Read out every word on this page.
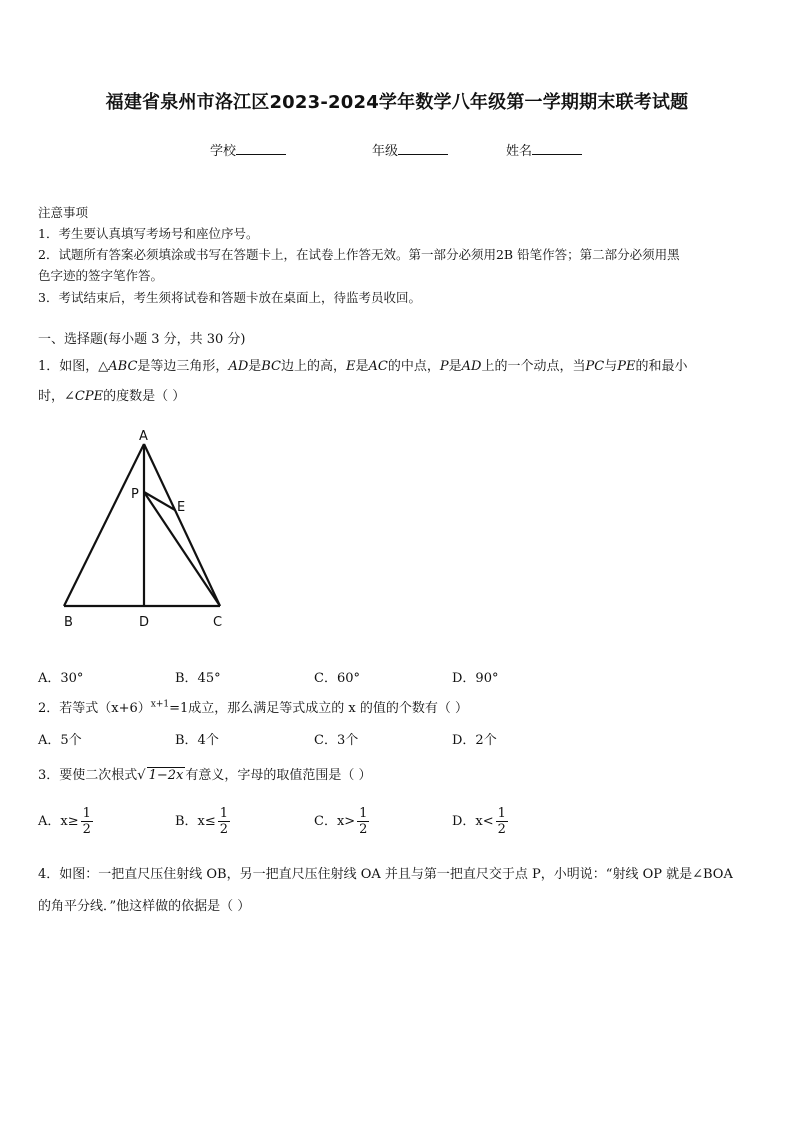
福建省泉州市洛江区2023-2024学年数学八年级第一学期期末联考试题
学校	年级	姓名
注意事项
1．考生要认真填写考场号和座位序号。
2．试题所有答案必须填涂或书写在答题卡上，在试卷上作答无效。第一部分必须用2B 铅笔作答；第二部分必须用黑
色字迹的签字笔作答。
3．考试结束后，考生须将试卷和答题卡放在桌面上，待监考员收回。
一、选择题(每小题 3 分，共 30 分)
1．如图，△ABC是等边三角形，AD是BC边上的高，E是AC的中点，P是AD上的一个动点，当PC与PE的和最小
时，∠CPE的度数是（ ）
A
B	D	C
P
E
A．30°	B．45°	C．60°	D．90°
2．若等式$(x+6)^{x+1}=1$成立，那么满足等式成立的 x 的值的个数有（ ）
A．5个	B．4个	C．3个	D．2个
3．要使二次根式√ 1−2x 有意义，字母的取值范围是（ ）
A．$x\ge \frac{1}{2}$	B．$x\le \frac{1}{2}$	C．$x> \frac{1}{2}$	D．$x< \frac{1}{2}$
4．如图：一把直尺压住射线 OB，另一把直尺压住射线 OA 并且与第一把直尺交于点 P，小明说：“射线 OP 就是∠BOA
的角平分线．”他这样做的依据是（ ）
